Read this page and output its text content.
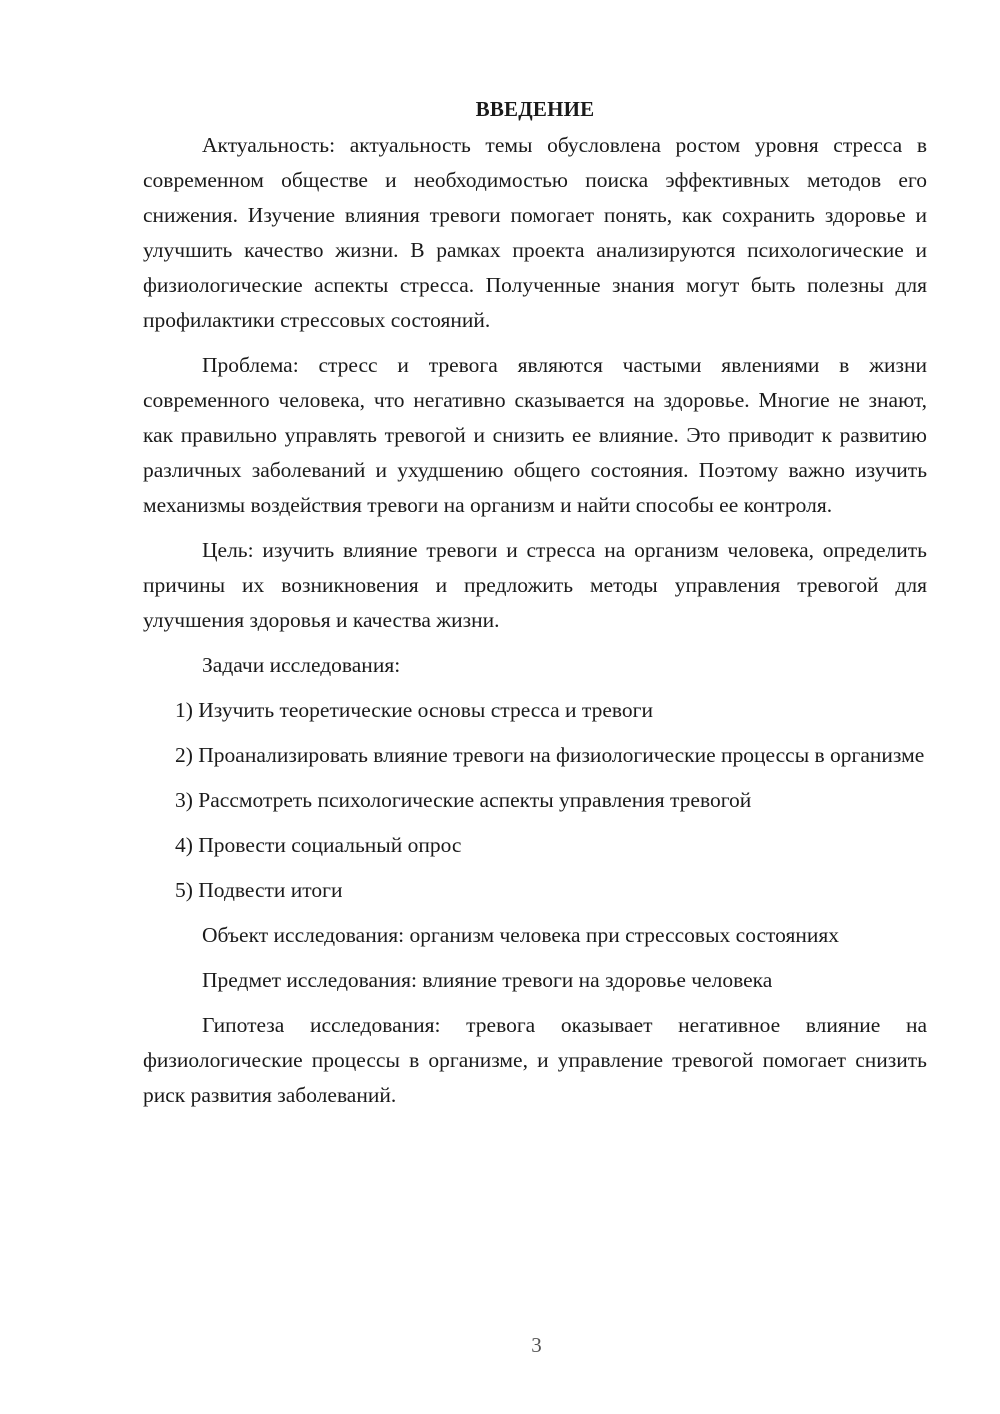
ВВЕДЕНИЕ

Актуальность: актуальность темы обусловлена ростом уровня стресса в современном обществе и необходимостью поиска эффективных методов его снижения. Изучение влияния тревоги помогает понять, как сохранить здоровье и улучшить качество жизни. В рамках проекта анализируются психологические и физиологические аспекты стресса. Полученные знания могут быть полезны для профилактики стрессовых состояний.

Проблема: стресс и тревога являются частыми явлениями в жизни современного человека, что негативно сказывается на здоровье. Многие не знают, как правильно управлять тревогой и снизить ее влияние. Это приводит к развитию различных заболеваний и ухудшению общего состояния. Поэтому важно изучить механизмы воздействия тревоги на организм и найти способы ее контроля.

Цель: изучить влияние тревоги и стресса на организм человека, определить причины их возникновения и предложить методы управления тревогой для улучшения здоровья и качества жизни.

Задачи исследования:

1) Изучить теоретические основы стресса и тревоги

2) Проанализировать влияние тревоги на физиологические процессы в организме

3) Рассмотреть психологические аспекты управления тревогой

4) Провести социальный опрос

5) Подвести итоги

Объект исследования: организм человека при стрессовых состояниях

Предмет исследования: влияние тревоги на здоровье человека

Гипотеза исследования: тревога оказывает негативное влияние на физиологические процессы в организме, и управление тревогой помогает снизить риск развития заболеваний.

3
